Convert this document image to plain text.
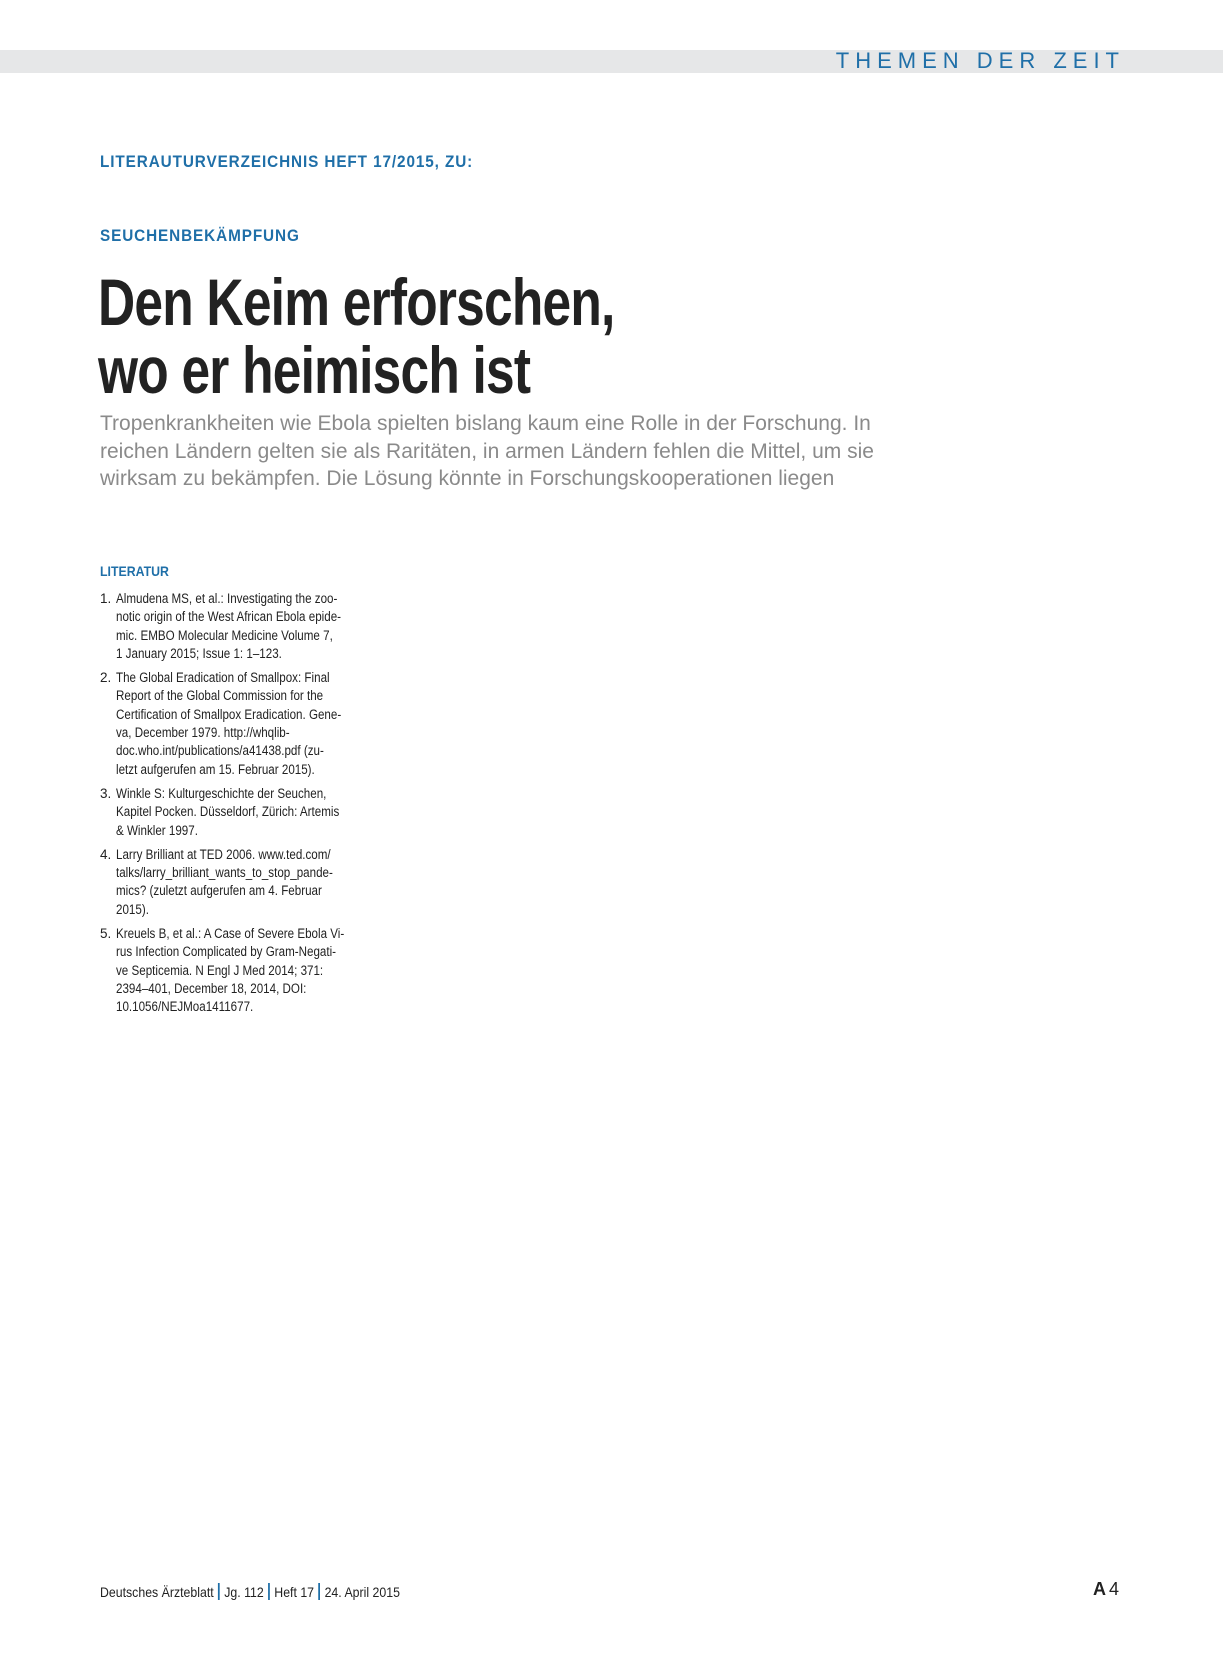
THEMEN DER ZEIT
LITERAUTURVERZEICHNIS HEFT 17/2015, ZU:
SEUCHENBEKÄMPFUNG
Den Keim erforschen,
wo er heimisch ist
Tropenkrankheiten wie Ebola spielten bislang kaum eine Rolle in der Forschung. In
reichen Ländern gelten sie als Raritäten, in armen Ländern fehlen die Mittel, um sie
wirksam zu bekämpfen. Die Lösung könnte in Forschungskooperationen liegen
LITERATUR
1. Almudena MS, et al.: Investigating the zoo-
notic origin of the West African Ebola epide-
mic. EMBO Molecular Medicine Volume 7,
1 January 2015; Issue 1: 1–123.
2. The Global Eradication of Smallpox: Final
Report of the Global Commission for the
Certification of Smallpox Eradication. Gene-
va, December 1979. http://whqlib-
doc.who.int/publications/a41438.pdf (zu-
letzt aufgerufen am 15. Februar 2015).
3. Winkle S: Kulturgeschichte der Seuchen,
Kapitel Pocken. Düsseldorf, Zürich: Artemis
& Winkler 1997.
4. Larry Brilliant at TED 2006. www.ted.com/
talks/larry_brilliant_wants_to_stop_pande-
mics? (zuletzt aufgerufen am 4. Februar
2015).
5. Kreuels B, et al.: A Case of Severe Ebola Vi-
rus Infection Complicated by Gram-Negati-
ve Septicemia. N Engl J Med 2014; 371:
2394–401, December 18, 2014, DOI:
10.1056/NEJMoa1411677.
Deutsches Ärzteblatt Jg. 112 Heft 17 24. April 2015	A 4
